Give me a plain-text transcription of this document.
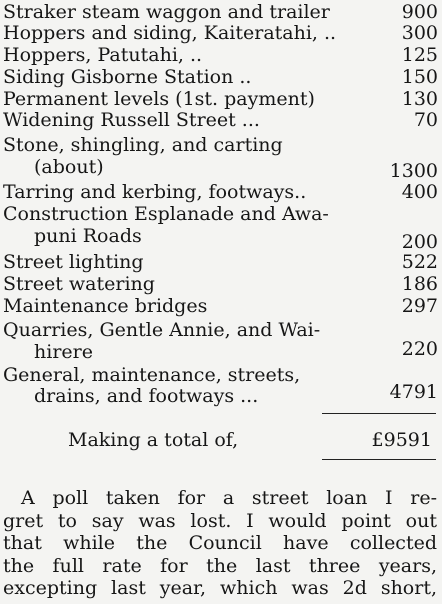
Straker steam waggon and trailer	900
Hoppers and siding, Kaiteratahi, ..	300
Hoppers, Patutahi, ..	125
Siding Gisborne Station ..	150
Permanent levels (1st. payment)	130
Widening Russell Street ...	70
Stone, shingling, and carting
(about)	1300
Tarring and kerbing, footways..	400
Construction Esplanade and Awa-
puni Roads	200
Street lighting	522
Street watering	186
Maintenance bridges	297
Quarries, Gentle Annie, and Wai-
hirere	220
General, maintenance, streets,
drains, and footways ...	4791
Making a total of,	£9591

A poll taken for a street loan I re-

gret to say was lost. I would point out

that while the Council have collected

the full rate for the last three years,

excepting last year, which was 2d short,
